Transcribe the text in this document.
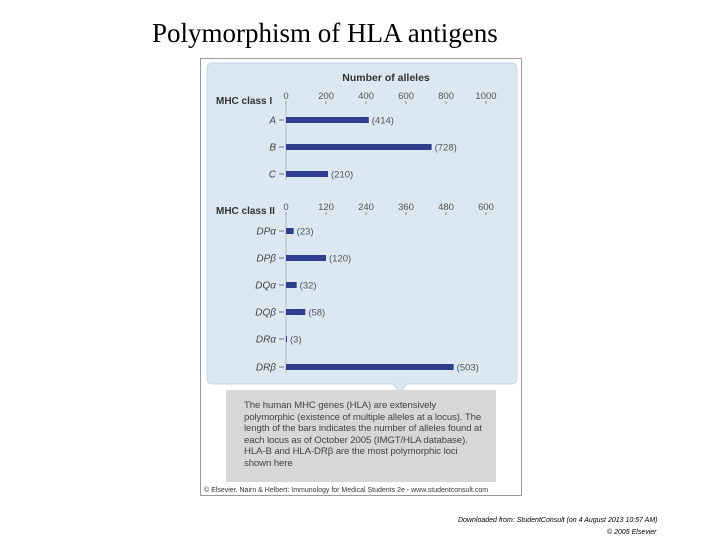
Polymorphism of HLA antigens
Number of alleles
MHC class I 0	200	400	600	800 1000
A	(414)
B	(728)
C	(210)
MHC class II 0	120	240	360	480	600
DPα (23)
DPβ	(120)
DQα (32)
DQβ	(58)
DRα (3)
DRβ	(503)

The human MHC genes (HLA) are extensively polymorphic (existence of multiple alleles at a locus). The length of the bars indicates the number of alleles found at each locus as of October 2005 (IMGT/HLA database). HLA-B and HLA-DRβ are the most polymorphic loci shown here

© Elsevier. Nairn & Helbert: Immunology for Medical Students 2e - www.studentconsult.com
Downloaded from: StudentConsult (on 4 August 2013 10:57 AM)
© 2005 Elsevier
